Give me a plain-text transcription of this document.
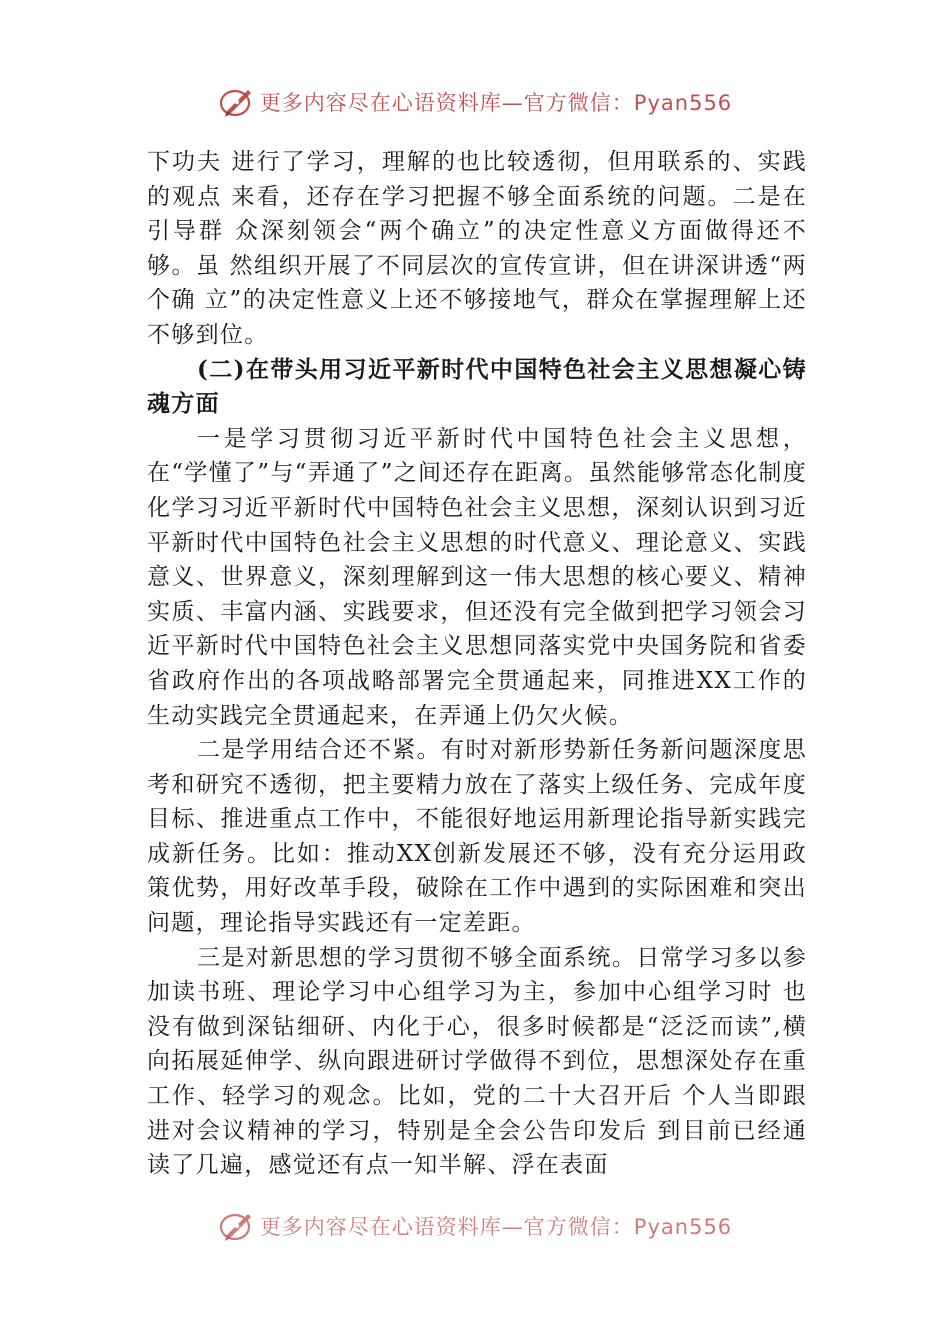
更多内容尽在心语资料库—官方微信：Pyan556

下功夫 进行了学习，理解的也比较透彻，但用联系的、实践的观点 来看，还存在学习把握不够全面系统的问题。二是在引导群 众深刻领会“两个确立”的决定性意义方面做得还不够。虽 然组织开展了不同层次的宣传宣讲，但在讲深讲透“两个确 立”的决定性意义上还不够接地气，群众在掌握理解上还不够到位。

(二)在带头用习近平新时代中国特色社会主义思想凝心铸魂方面

一是学习贯彻习近平新时代中国特色社会主义思想，在“学懂了”与“弄通了”之间还存在距离。虽然能够常态化制度化学习习近平新时代中国特色社会主义思想，深刻认识到习近平新时代中国特色社会主义思想的时代意义、理论意义、实践意义、世界意义，深刻理解到这一伟大思想的核心要义、精神实质、丰富内涵、实践要求，但还没有完全做到把学习领会习近平新时代中国特色社会主义思想同落实党中央国务院和省委省政府作出的各项战略部署完全贯通起来，同推进XX工作的生动实践完全贯通起来，在弄通上仍欠火候。

二是学用结合还不紧。有时对新形势新任务新问题深度思考和研究不透彻，把主要精力放在了落实上级任务、完成年度目标、推进重点工作中，不能很好地运用新理论指导新实践完成新任务。比如：推动XX创新发展还不够，没有充分运用政策优势，用好改革手段，破除在工作中遇到的实际困难和突出问题，理论指导实践还有一定差距。

三是对新思想的学习贯彻不够全面系统。日常学习多以参加读书班、理论学习中心组学习为主，参加中心组学习时 也没有做到深钻细研、内化于心，很多时候都是“泛泛而读”,横向拓展延伸学、纵向跟进研讨学做得不到位，思想深处存在重工作、轻学习的观念。比如，党的二十大召开后 个人当即跟进对会议精神的学习，特别是全会公告印发后 到目前已经通读了几遍，感觉还有点一知半解、浮在表面

更多内容尽在心语资料库—官方微信：Pyan556
